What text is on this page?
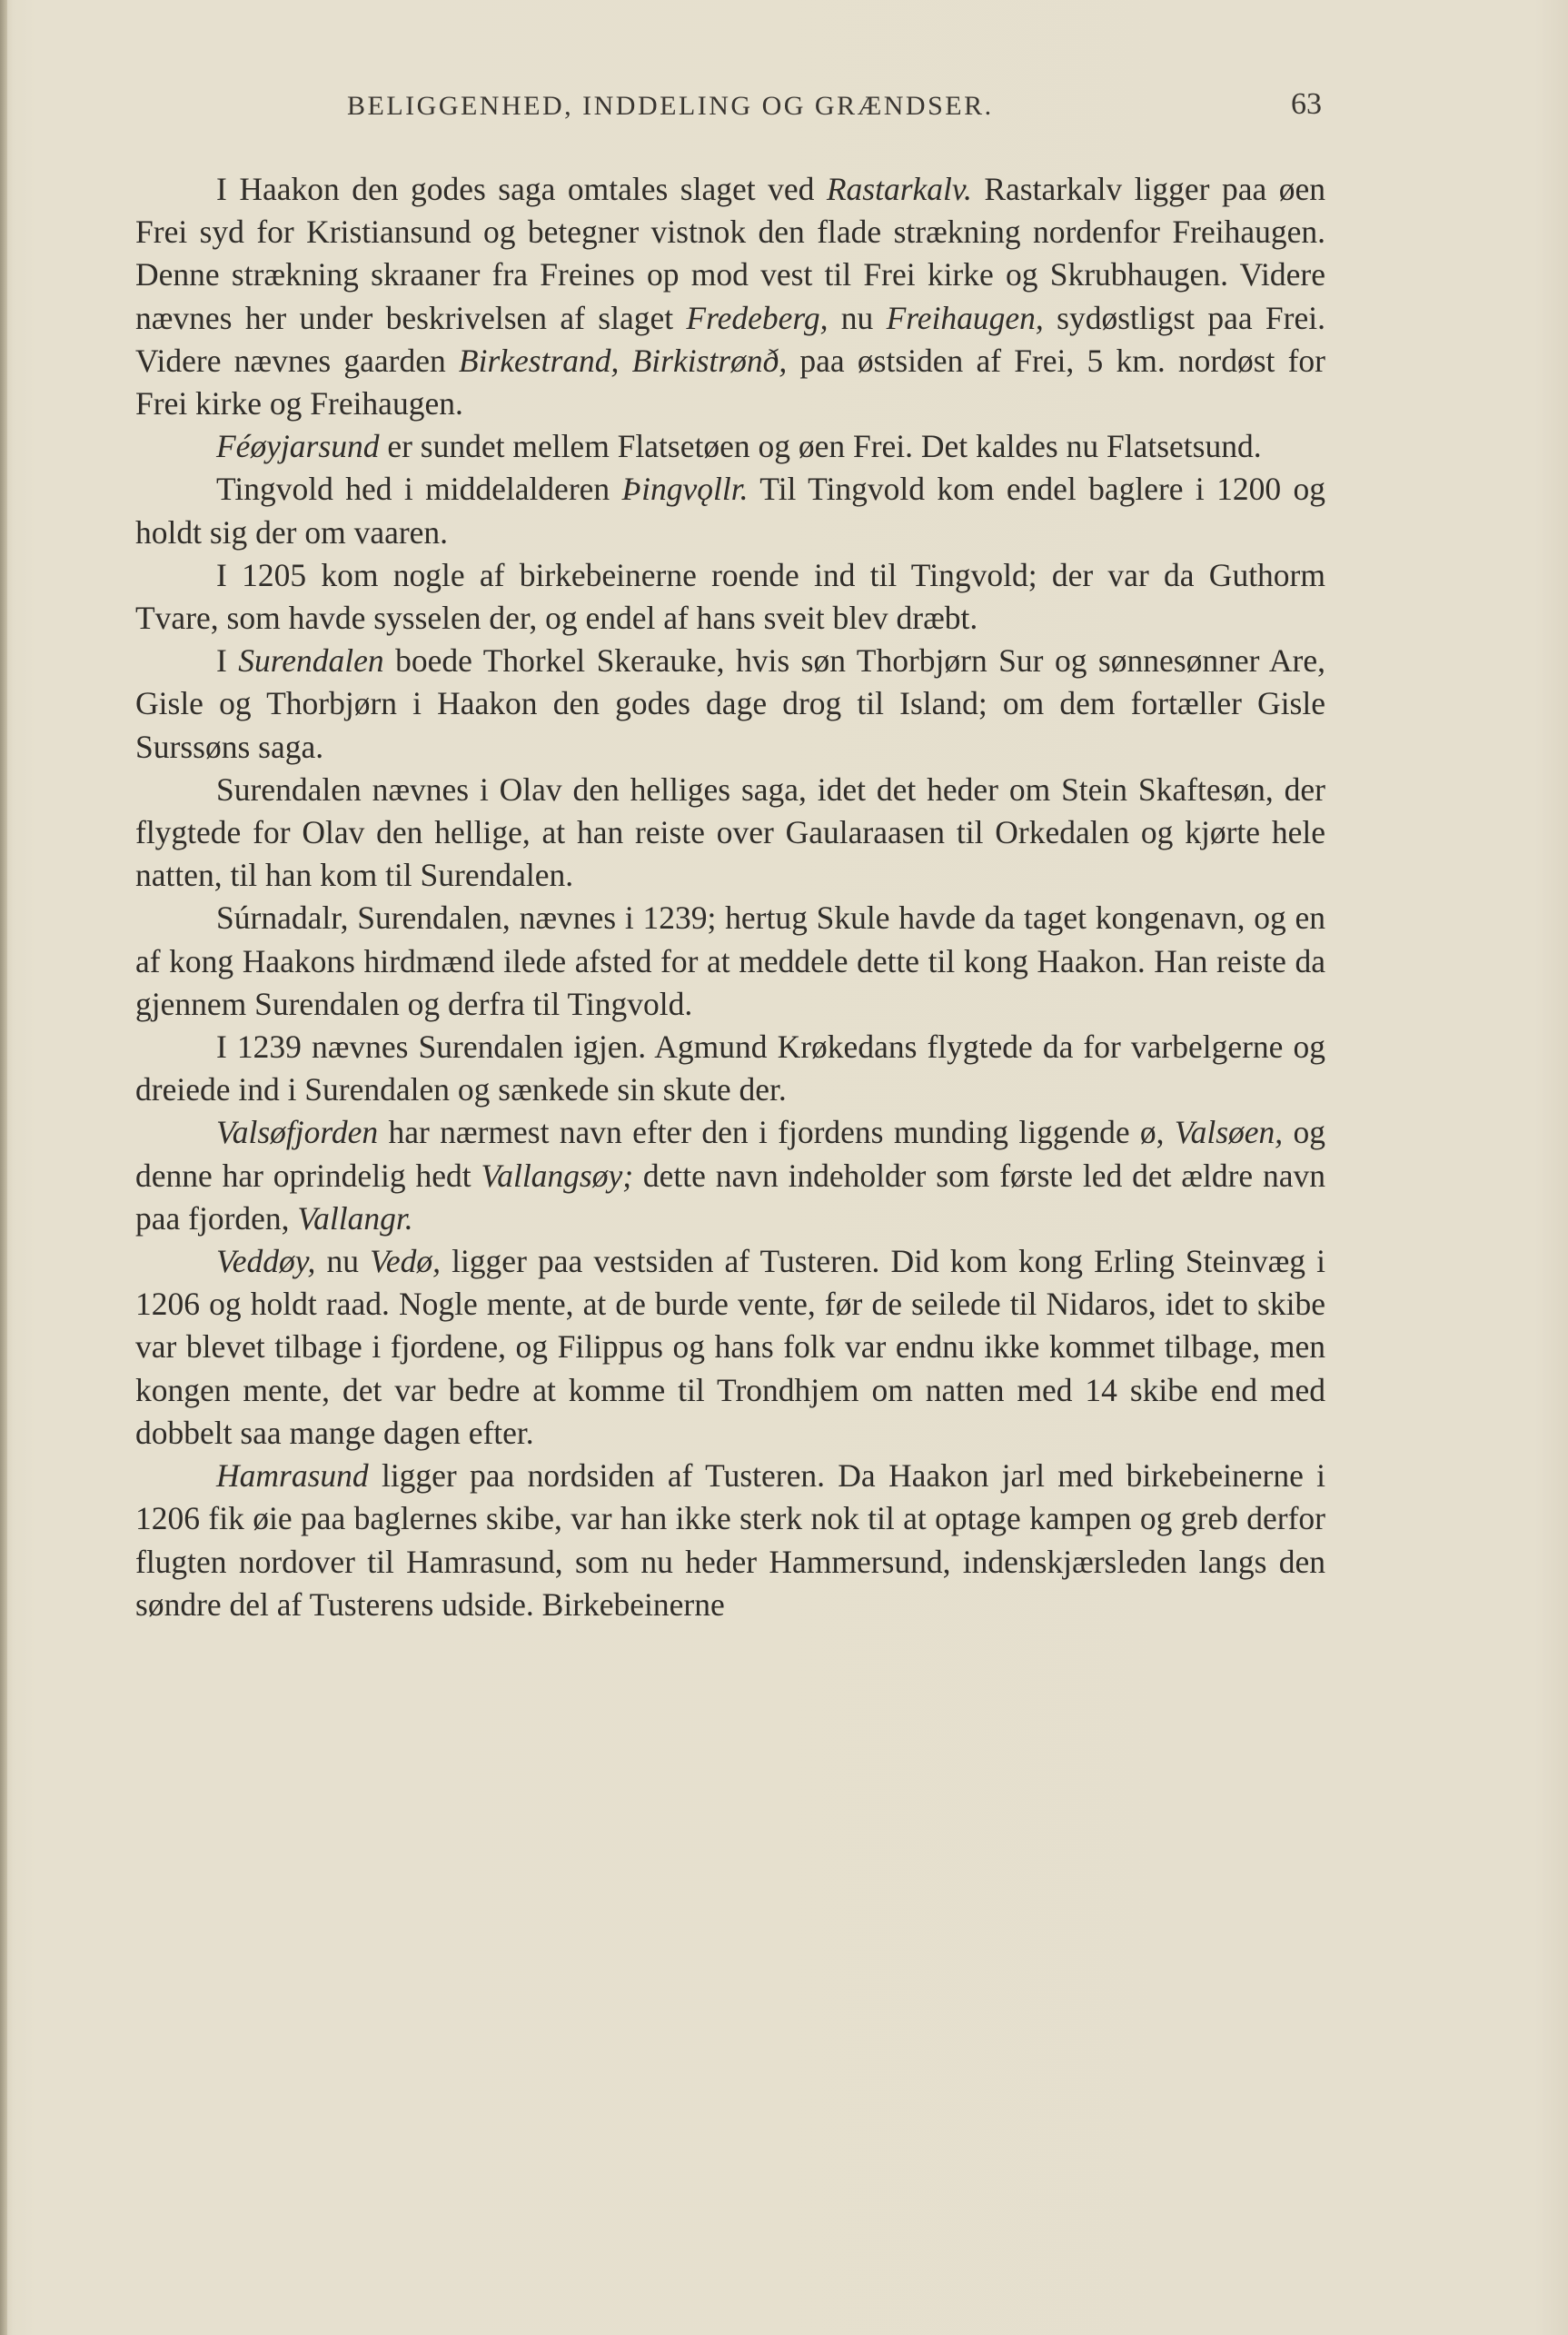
BELIGGENHED, INDDELING OG GRÆNDSER.	63

I Haakon den godes saga omtales slaget ved Rastarkalv. Rastarkalv ligger paa øen Frei syd for Kristiansund og betegner vistnok den flade strækning nordenfor Freihaugen. Denne strækning skraaner fra Freines op mod vest til Frei kirke og Skrubhaugen. Videre nævnes her under beskrivelsen af slaget Fredeberg, nu Freihaugen, sydøstligst paa Frei. Videre nævnes gaarden Birkestrand, Birkistrønð, paa østsiden af Frei, 5 km. nordøst for Frei kirke og Freihaugen.

Féøyjarsund er sundet mellem Flatsetøen og øen Frei. Det kaldes nu Flatsetsund.

Tingvold hed i middelalderen Þingvǫllr. Til Tingvold kom endel baglere i 1200 og holdt sig der om vaaren.

I 1205 kom nogle af birkebeinerne roende ind til Tingvold; der var da Guthorm Tvare, som havde sysselen der, og endel af hans sveit blev dræbt.

I Surendalen boede Thorkel Skerauke, hvis søn Thorbjørn Sur og sønnesønner Are, Gisle og Thorbjørn i Haakon den godes dage drog til Island; om dem fortæller Gisle Surssøns saga.

Surendalen nævnes i Olav den helliges saga, idet det heder om Stein Skaftesøn, der flygtede for Olav den hellige, at han reiste over Gaularaasen til Orkedalen og kjørte hele natten, til han kom til Surendalen.

Súrnadalr, Surendalen, nævnes i 1239; hertug Skule havde da taget kongenavn, og en af kong Haakons hirdmænd ilede afsted for at meddele dette til kong Haakon. Han reiste da gjennem Surendalen og derfra til Tingvold.

I 1239 nævnes Surendalen igjen. Agmund Krøkedans flygtede da for varbelgerne og dreiede ind i Surendalen og sænkede sin skute der.

Valsøfjorden har nærmest navn efter den i fjordens munding liggende ø, Valsøen, og denne har oprindelig hedt Vallangsøy; dette navn indeholder som første led det ældre navn paa fjorden, Vallangr.

Veddøy, nu Vedø, ligger paa vestsiden af Tusteren. Did kom kong Erling Steinvæg i 1206 og holdt raad. Nogle mente, at de burde vente, før de seilede til Nidaros, idet to skibe var blevet tilbage i fjordene, og Filippus og hans folk var endnu ikke kommet tilbage, men kongen mente, det var bedre at komme til Trondhjem om natten med 14 skibe end med dobbelt saa mange dagen efter.

Hamrasund ligger paa nordsiden af Tusteren. Da Haakon jarl med birkebeinerne i 1206 fik øie paa baglernes skibe, var han ikke sterk nok til at optage kampen og greb derfor flugten nordover til Hamrasund, som nu heder Hammersund, indenskjærsleden langs den søndre del af Tusterens udside. Birkebeinerne
